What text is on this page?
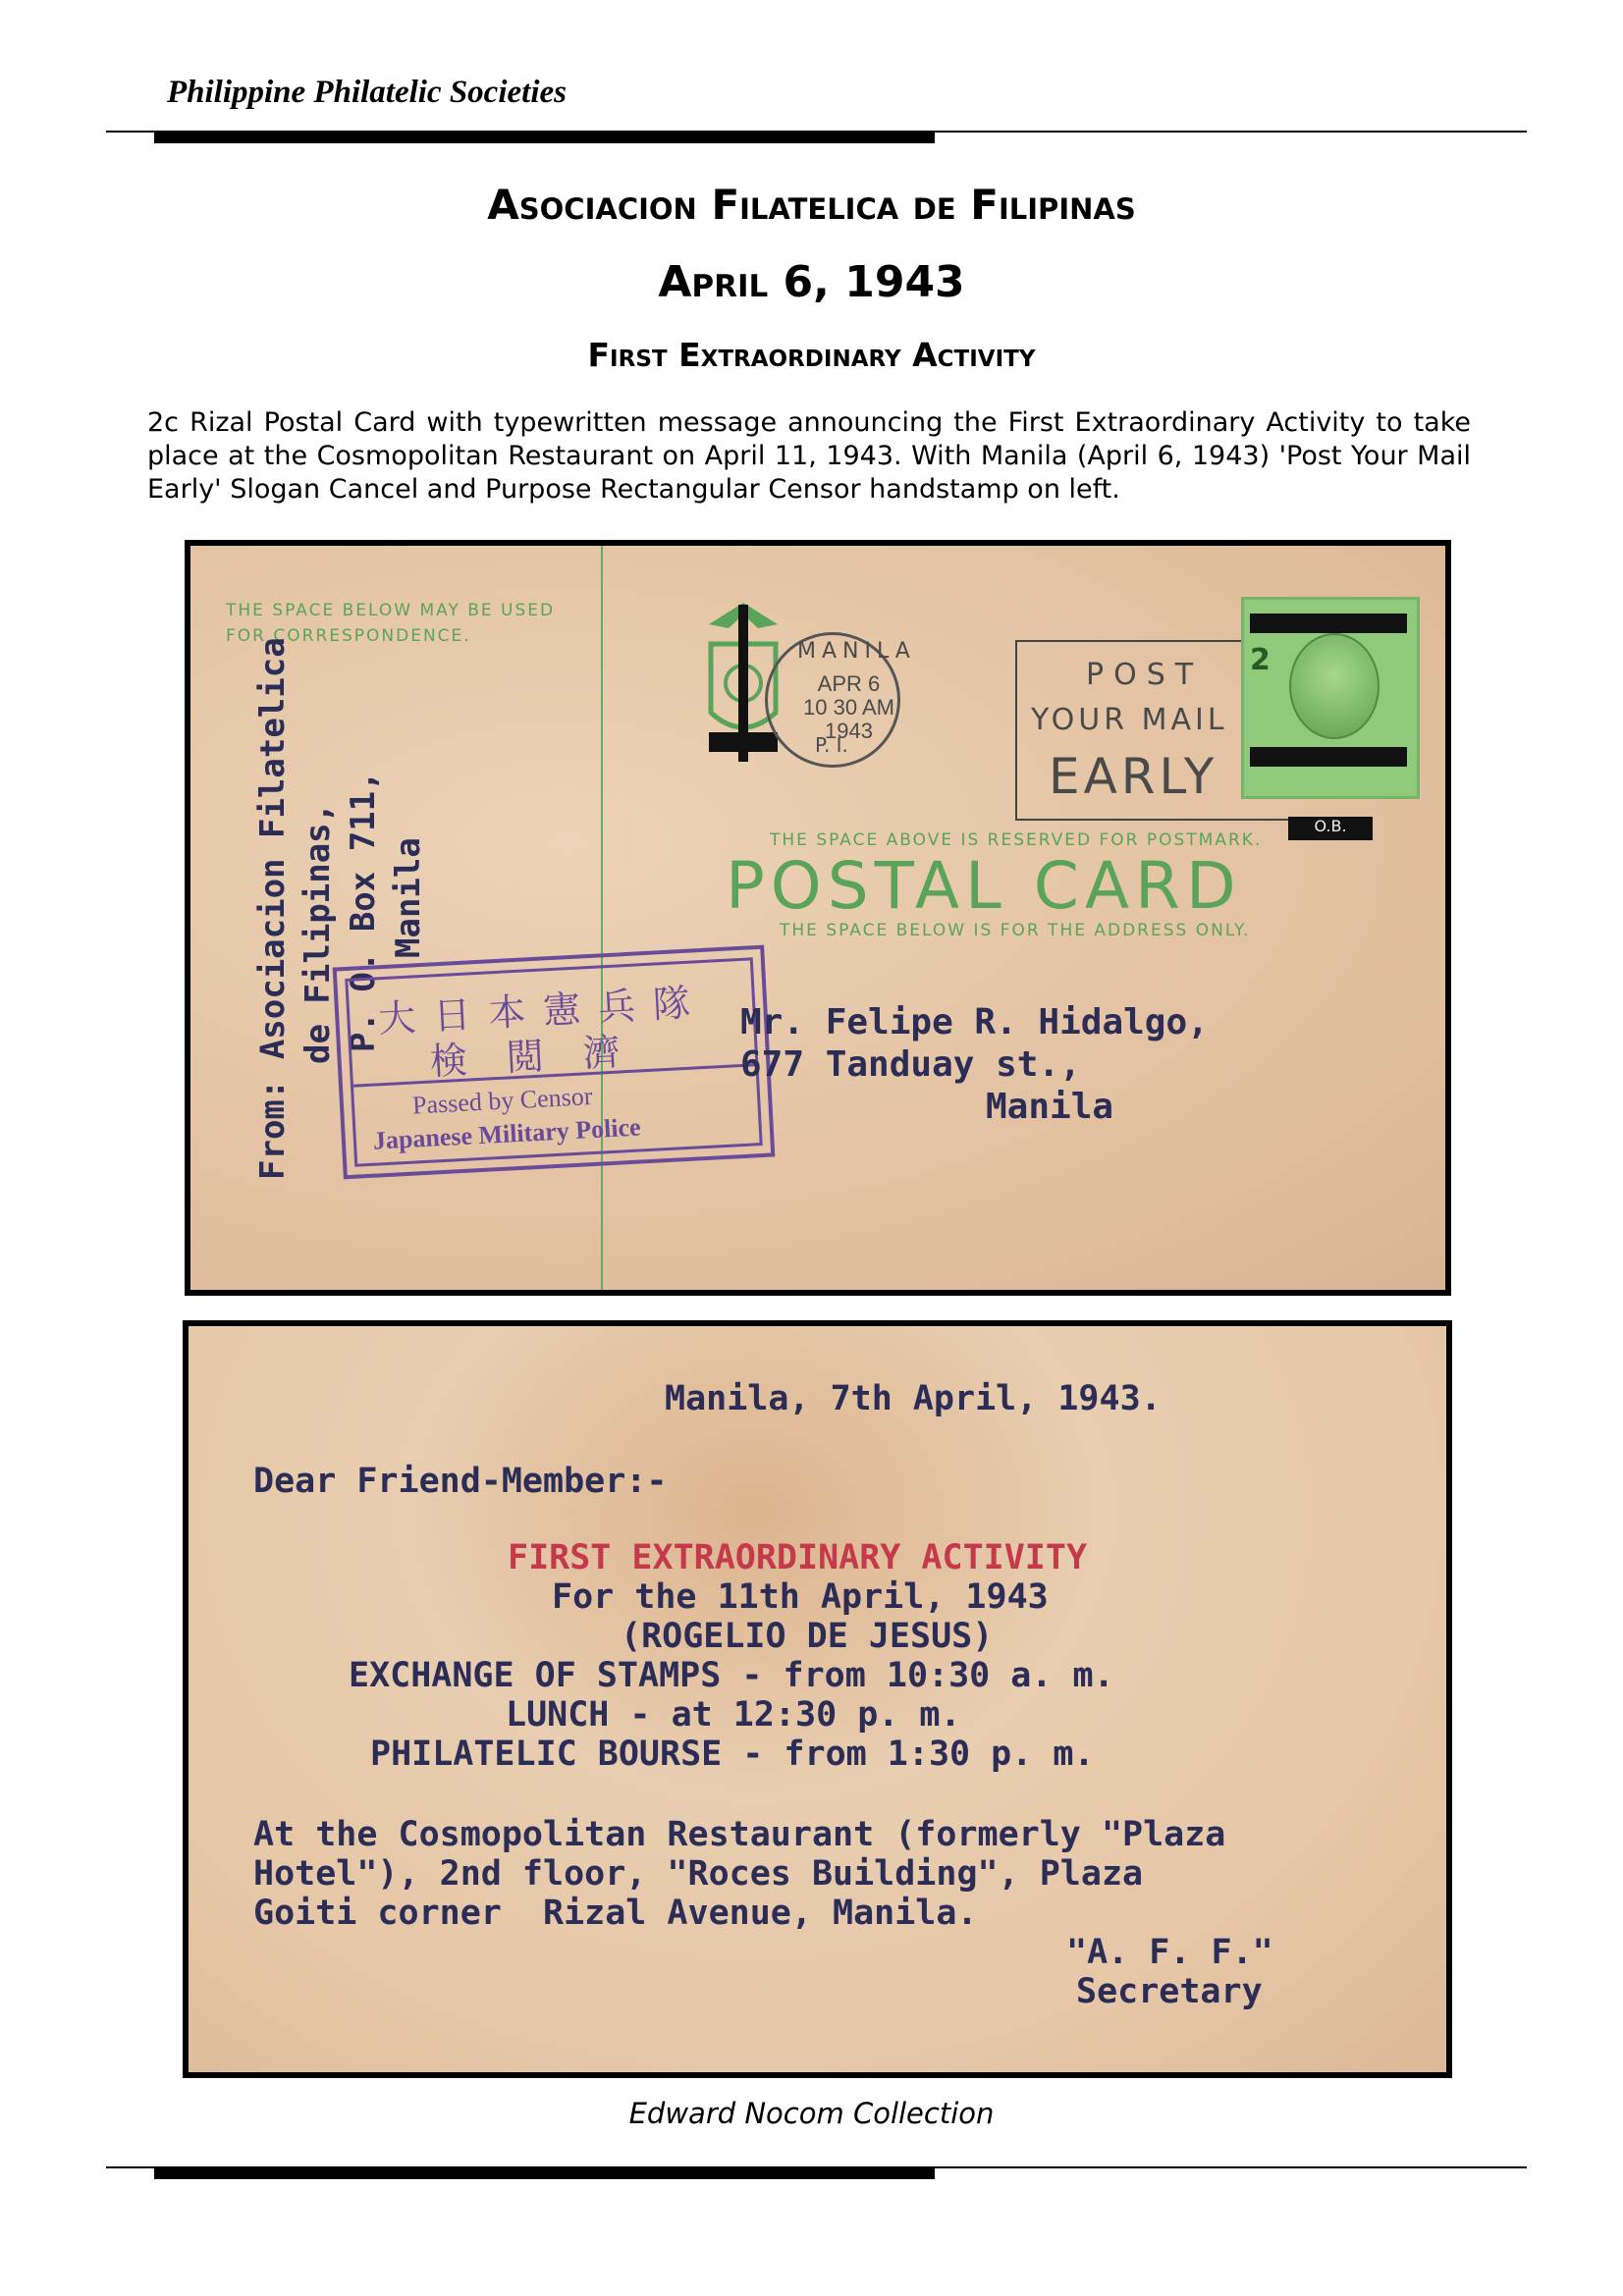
Philippine Philatelic Societies
Asociacion Filatelica de Filipinas
April 6, 1943
First Extraordinary Activity
2c Rizal Postal Card with typewritten message announcing the First Extraordinary Activity to take place at the Cosmopolitan Restaurant on April 11, 1943. With Manila (April 6, 1943) 'Post Your Mail Early' Slogan Cancel and Purpose Rectangular Censor handstamp on left.
THE SPACE BELOW MAY BE USED
FOR CORRESPONDENCE.
From: Asociacion Filatelica de Filipinas, P. O. Box 711, Manila
MANILA
APR 6
10 30 AM
1943
P. I.
POST
YOUR MAIL
EARLY
2
O.B.
THE SPACE ABOVE IS RESERVED FOR POSTMARK.
POSTAL CARD
THE SPACE BELOW IS FOR THE ADDRESS ONLY.
大日本憲兵隊
検閲濟
Passed by Censor
Japanese Military Police
Mr. Felipe R. Hidalgo,
677 Tanduay st.,
Manila
Manila, 7th April, 1943.
Dear Friend-Member:-
FIRST EXTRAORDINARY ACTIVITY
For the 11th April, 1943
(ROGELIO DE JESUS)
EXCHANGE OF STAMPS - from 10:30 a. m.
LUNCH - at 12:30 p. m.
PHILATELIC BOURSE - from 1:30 p. m.
At the Cosmopolitan Restaurant (formerly "Plaza
Hotel"), 2nd floor, "Roces Building", Plaza
Goiti corner  Rizal Avenue, Manila.
"A. F. F."
Secretary
Edward Nocom Collection
